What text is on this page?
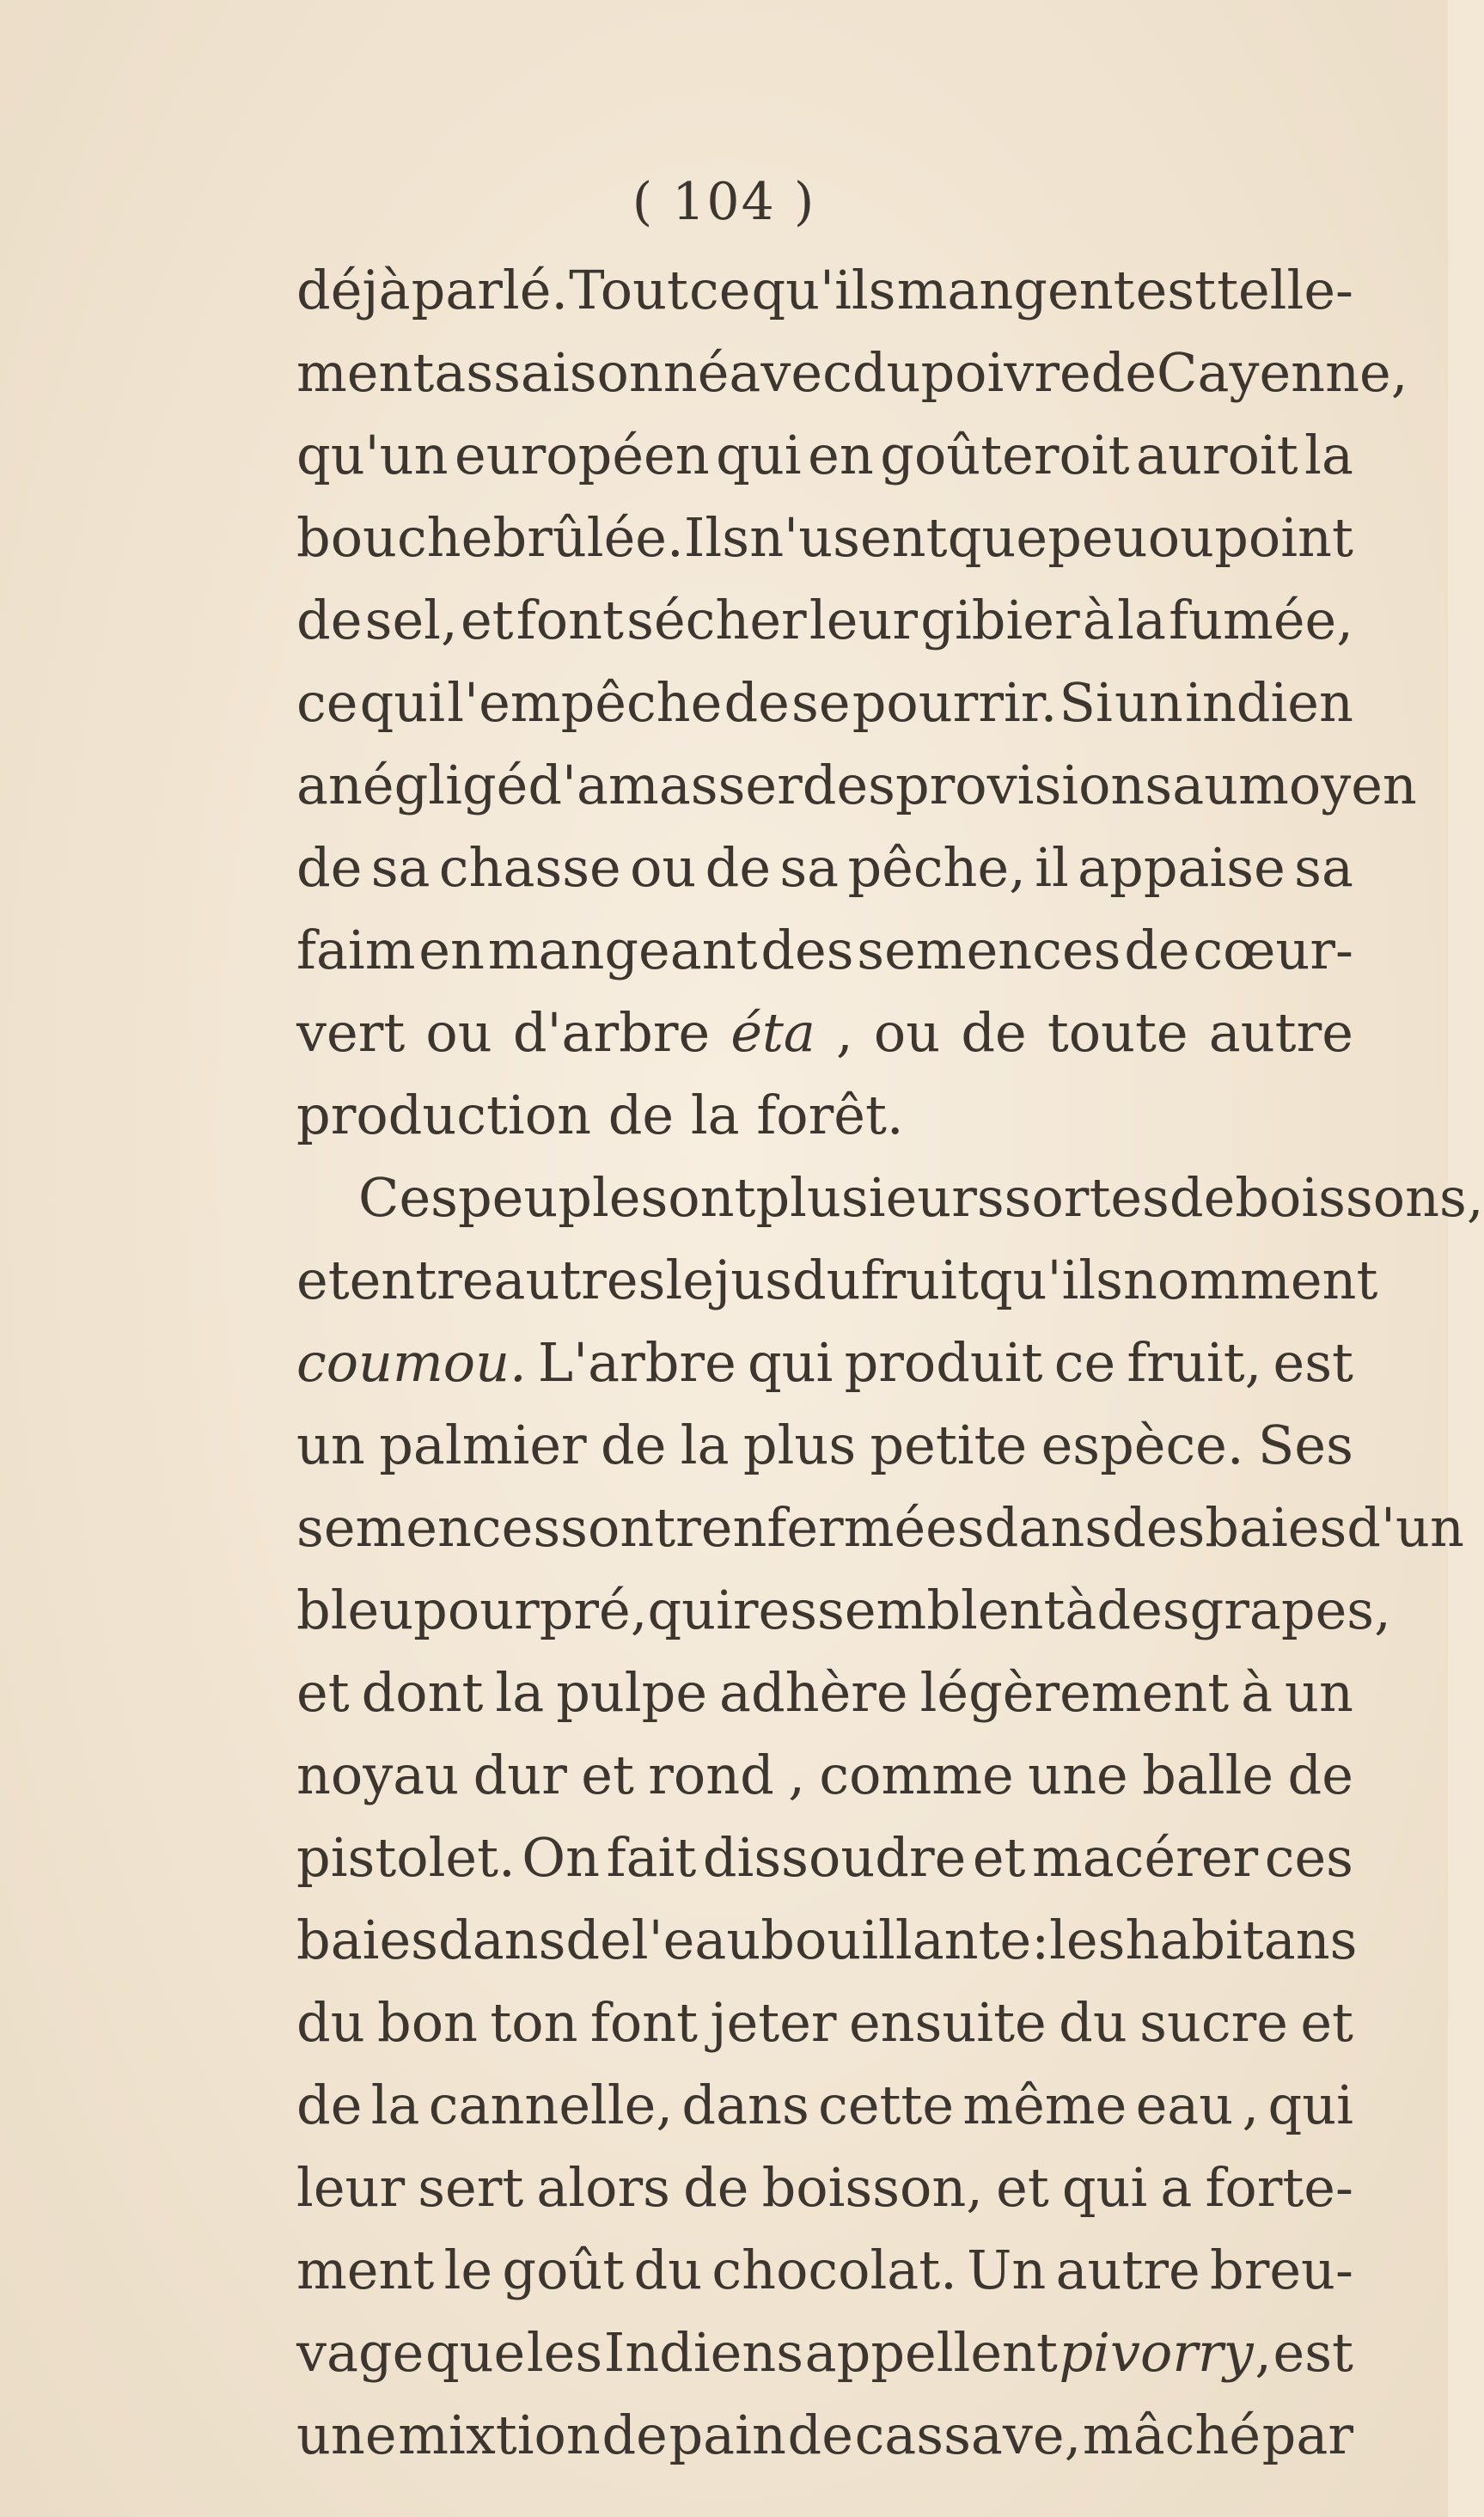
( 104 )
déjà parlé. Tout ce qu'ils mangent est telle-
ment assaisonné avec du poivre de Cayenne,
qu'un européen qui en goûteroit auroit la
bouche brûlée. Ils n'usent que peu ou point
de sel, et font sécher leur gibier à la fumée,
ce qui l'empêche de se pourrir. Si un indien
a négligé d'amasser des provisions au moyen
de sa chasse ou de sa pêche, il appaise sa
faim en mangeant des semences de cœur-
vert ou d'arbre éta , ou de toute autre
production
de
la
forêt.
Ces peuples ont plusieurs sortes de boissons,
et entre autres le jus du fruit qu'ils nomment
coumou. L'arbre qui produit ce fruit, est
un palmier de la plus petite espèce. Ses
semences sont renfermées dans des baies d'un
bleu pourpré, qui ressemblent à des grapes,
et dont la pulpe adhère légèrement à un
noyau dur et rond , comme une balle de
pistolet. On fait dissoudre et macérer ces
baies dans de l'eau bouillante : les habitans
du bon ton font jeter ensuite du sucre et
de la cannelle, dans cette même eau , qui
leur sert alors de boisson, et qui a forte-
ment le goût du chocolat. Un autre breu-
vage que les Indiens appellent pivorry , est
une mixtion de pain de cassave, mâché par
